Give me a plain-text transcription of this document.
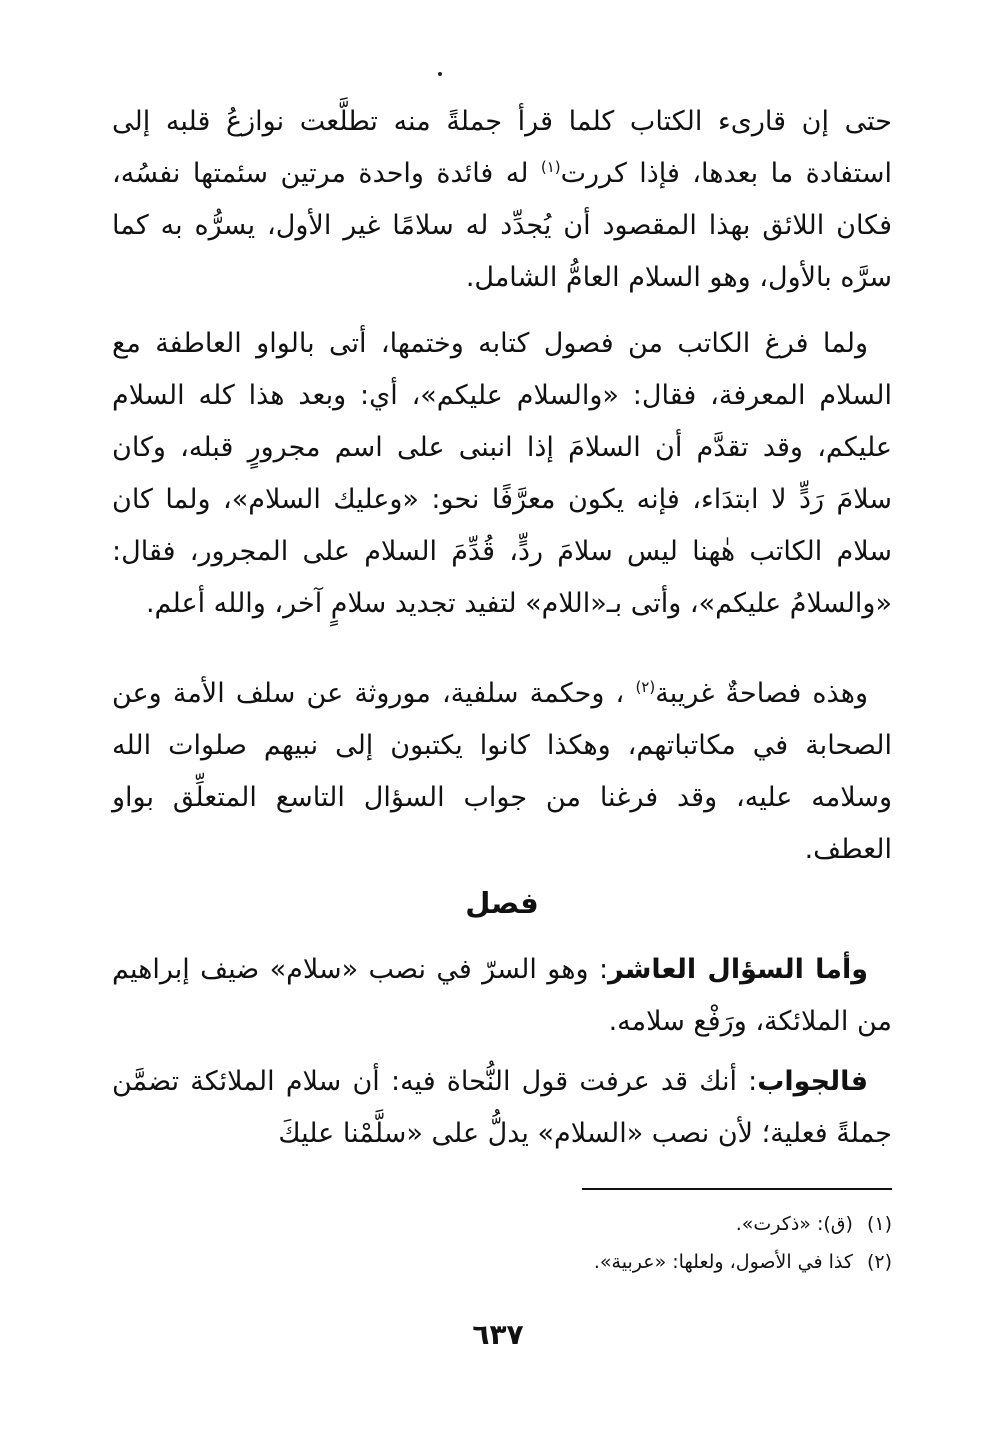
حتى إن قارىء الكتاب كلما قرأ جملةً منه تطلَّعت نوازعُ قلبه إلى استفادة ما بعدها، فإذا كررت$^{(١)}$ له فائدة واحدة مرتين سئمتها نفسُه، فكان اللائق بهذا المقصود أن يُجدِّد له سلامًا غير الأول، يسرُّه به كما سرَّه بالأول، وهو السلام العامُّ الشامل.

ولما فرغ الكاتب من فصول كتابه وختمها، أتى بالواو العاطفة مع السلام المعرفة، فقال: «والسلام عليكم»، أي: وبعد هذا كله السلام عليكم، وقد تقدَّم أن السلامَ إذا انبنى على اسم مجرورٍ قبله، وكان سلامَ رَدٍّ لا ابتدَاء، فإنه يكون معرَّفًا نحو: «وعليك السلام»، ولما كان سلام الكاتب هٰهنا ليس سلامَ ردٍّ، قُدِّمَ السلام على المجرور، فقال: «والسلامُ عليكم»، وأتى بـ«اللام» لتفيد تجديد سلامٍ آخر، والله أعلم.

وهذه فصاحةٌ غريبة$^{(٢)}$ ، وحكمة سلفية، موروثة عن سلف الأمة وعن الصحابة في مكاتباتهم، وهكذا كانوا يكتبون إلى نبيهم صلوات الله وسلامه عليه، وقد فرغنا من جواب السؤال التاسع المتعلِّق بواو العطف.

فصل

وأما السؤال العاشر: وهو السرّ في نصب «سلام» ضيف إبراهيم من الملائكة، ورَفْع سلامه.

فالجواب: أنك قد عرفت قول النُّحاة فيه: أن سلام الملائكة تضمَّن جملةً فعلية؛ لأن نصب «السلام» يدلُّ على «سلَّمْنا عليكَ

(١)(ق): «ذكرت».

(٢)كذا في الأصول، ولعلها: «عربية».

٦٣٧
